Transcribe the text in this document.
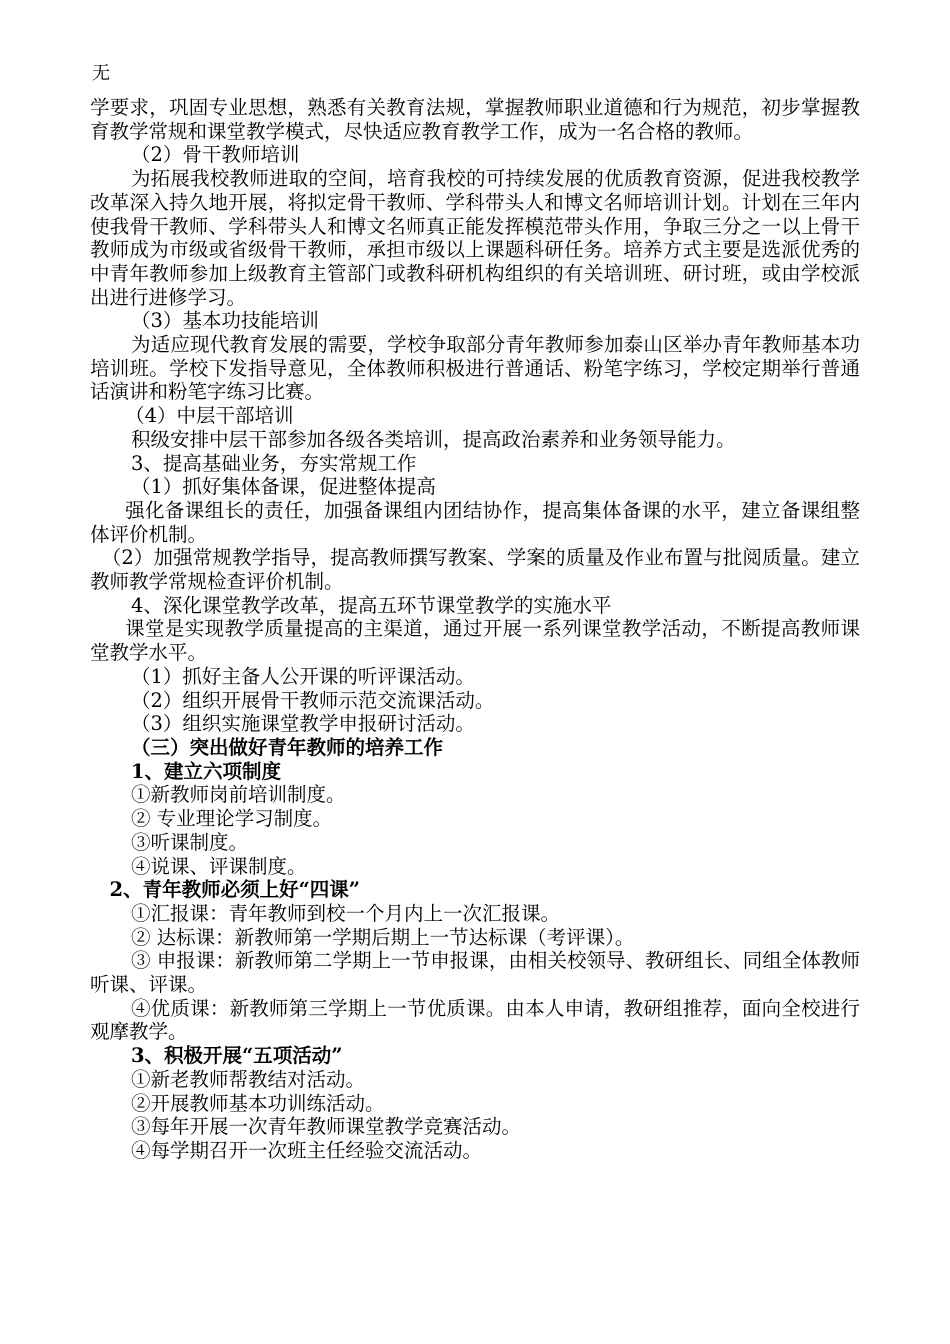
无

学要求，巩固专业思想，熟悉有关教育法规，掌握教师职业道德和行为规范，初步掌握教育教学常规和课堂教学模式，尽快适应教育教学工作，成为一名合格的教师。

（2）骨干教师培训

为拓展我校教师进取的空间，培育我校的可持续发展的优质教育资源，促进我校教学改革深入持久地开展，将拟定骨干教师、学科带头人和博文名师培训计划。计划在三年内使我骨干教师、学科带头人和博文名师真正能发挥模范带头作用，争取三分之一以上骨干教师成为市级或省级骨干教师，承担市级以上课题科研任务。培养方式主要是选派优秀的中青年教师参加上级教育主管部门或教科研机构组织的有关培训班、研讨班，或由学校派出进行进修学习。

（3）基本功技能培训

为适应现代教育发展的需要，学校争取部分青年教师参加泰山区举办青年教师基本功培训班。学校下发指导意见，全体教师积极进行普通话、粉笔字练习，学校定期举行普通话演讲和粉笔字练习比赛。

（4）中层干部培训

积级安排中层干部参加各级各类培训，提高政治素养和业务领导能力。

3、提高基础业务，夯实常规工作

（1）抓好集体备课，促进整体提高

强化备课组长的责任，加强备课组内团结协作，提高集体备课的水平，建立备课组整体评价机制。

（2）加强常规教学指导，提高教师撰写教案、学案的质量及作业布置与批阅质量。建立教师教学常规检查评价机制。

4、深化课堂教学改革，提高五环节课堂教学的实施水平

课堂是实现教学质量提高的主渠道，通过开展一系列课堂教学活动，不断提高教师课堂教学水平。

（1）抓好主备人公开课的听评课活动。

（2）组织开展骨干教师示范交流课活动。

（3）组织实施课堂教学申报研讨活动。

（三）突出做好青年教师的培养工作

1、建立六项制度

①新教师岗前培训制度。

② 专业理论学习制度。

③听课制度。

④说课、评课制度。

2、青年教师必须上好“四课”

①汇报课：青年教师到校一个月内上一次汇报课。

② 达标课：新教师第一学期后期上一节达标课（考评课）。

③ 申报课：新教师第二学期上一节申报课，由相关校领导、教研组长、同组全体教师听课、评课。

④优质课：新教师第三学期上一节优质课。由本人申请，教研组推荐，面向全校进行观摩教学。

3、积极开展“五项活动”

①新老教师帮教结对活动。

②开展教师基本功训练活动。

③每年开展一次青年教师课堂教学竞赛活动。

④每学期召开一次班主任经验交流活动。
